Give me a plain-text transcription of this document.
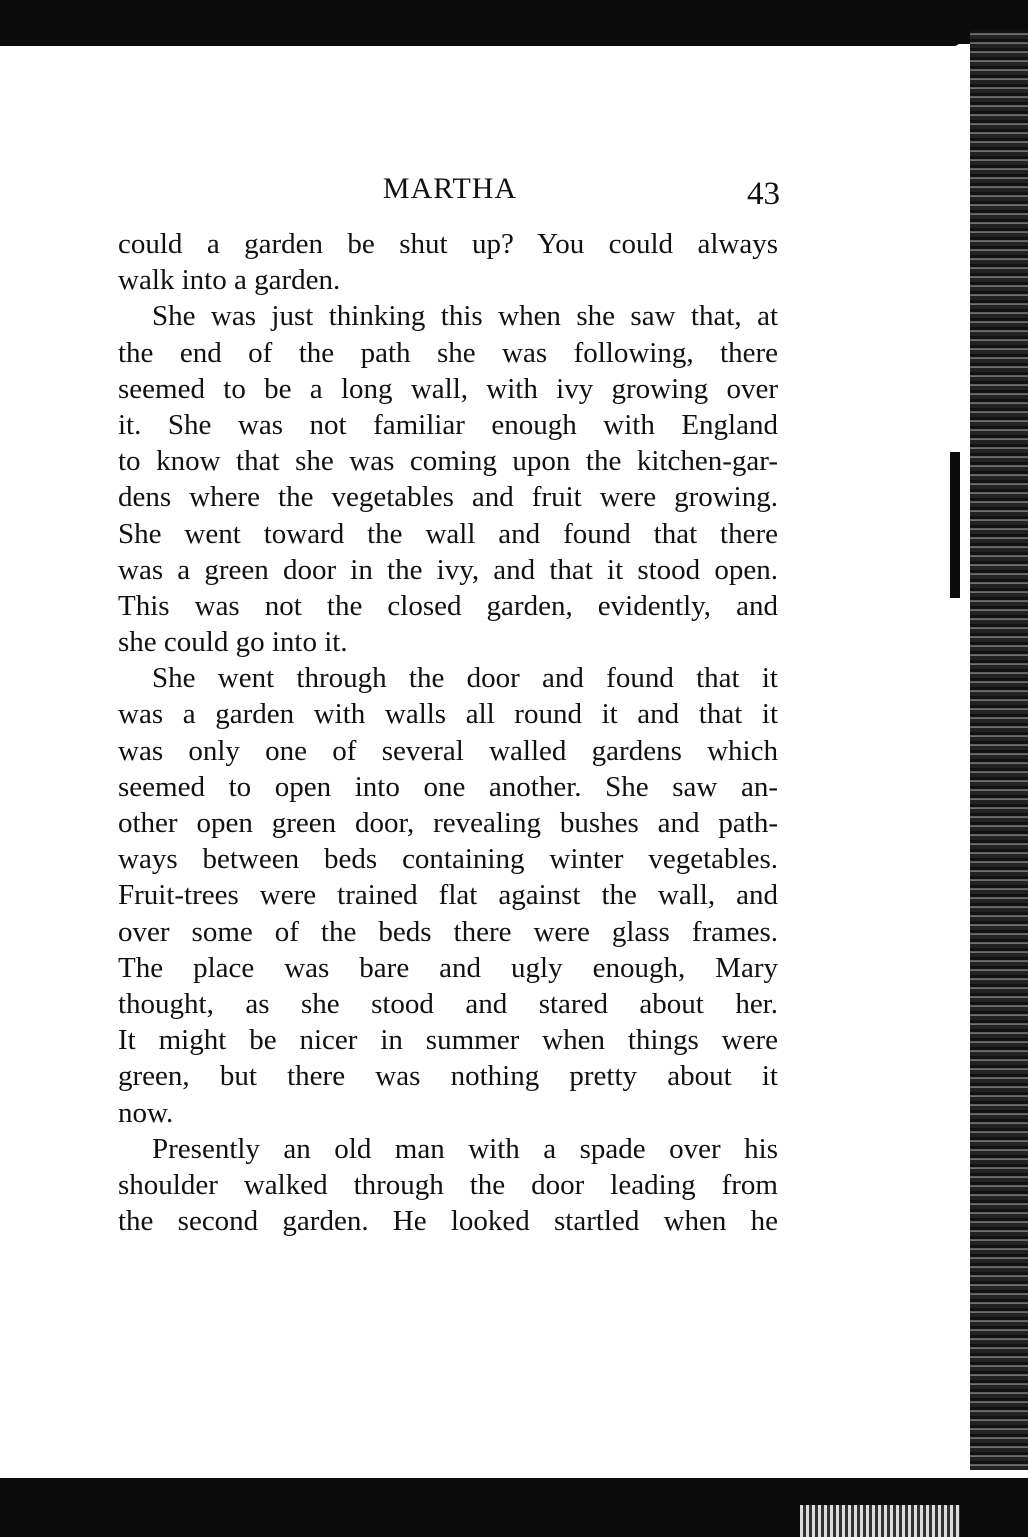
MARTHA	43
could a garden be shut up? You could always
walk into a garden.
She was just thinking this when she saw that, at
the end of the path she was following, there
seemed to be a long wall, with ivy growing over
it. She was not familiar enough with England
to know that she was coming upon the kitchen-gar-
dens where the vegetables and fruit were growing.
She went toward the wall and found that there
was a green door in the ivy, and that it stood open.
This was not the closed garden, evidently, and
she could go into it.
She went through the door and found that it
was a garden with walls all round it and that it
was only one of several walled gardens which
seemed to open into one another. She saw an-
other open green door, revealing bushes and path-
ways between beds containing winter vegetables.
Fruit-trees were trained flat against the wall, and
over some of the beds there were glass frames.
The place was bare and ugly enough, Mary
thought, as she stood and stared about her.
It might be nicer in summer when things were
green, but there was nothing pretty about it
now.
Presently an old man with a spade over his
shoulder walked through the door leading from
the second garden. He looked startled when he
